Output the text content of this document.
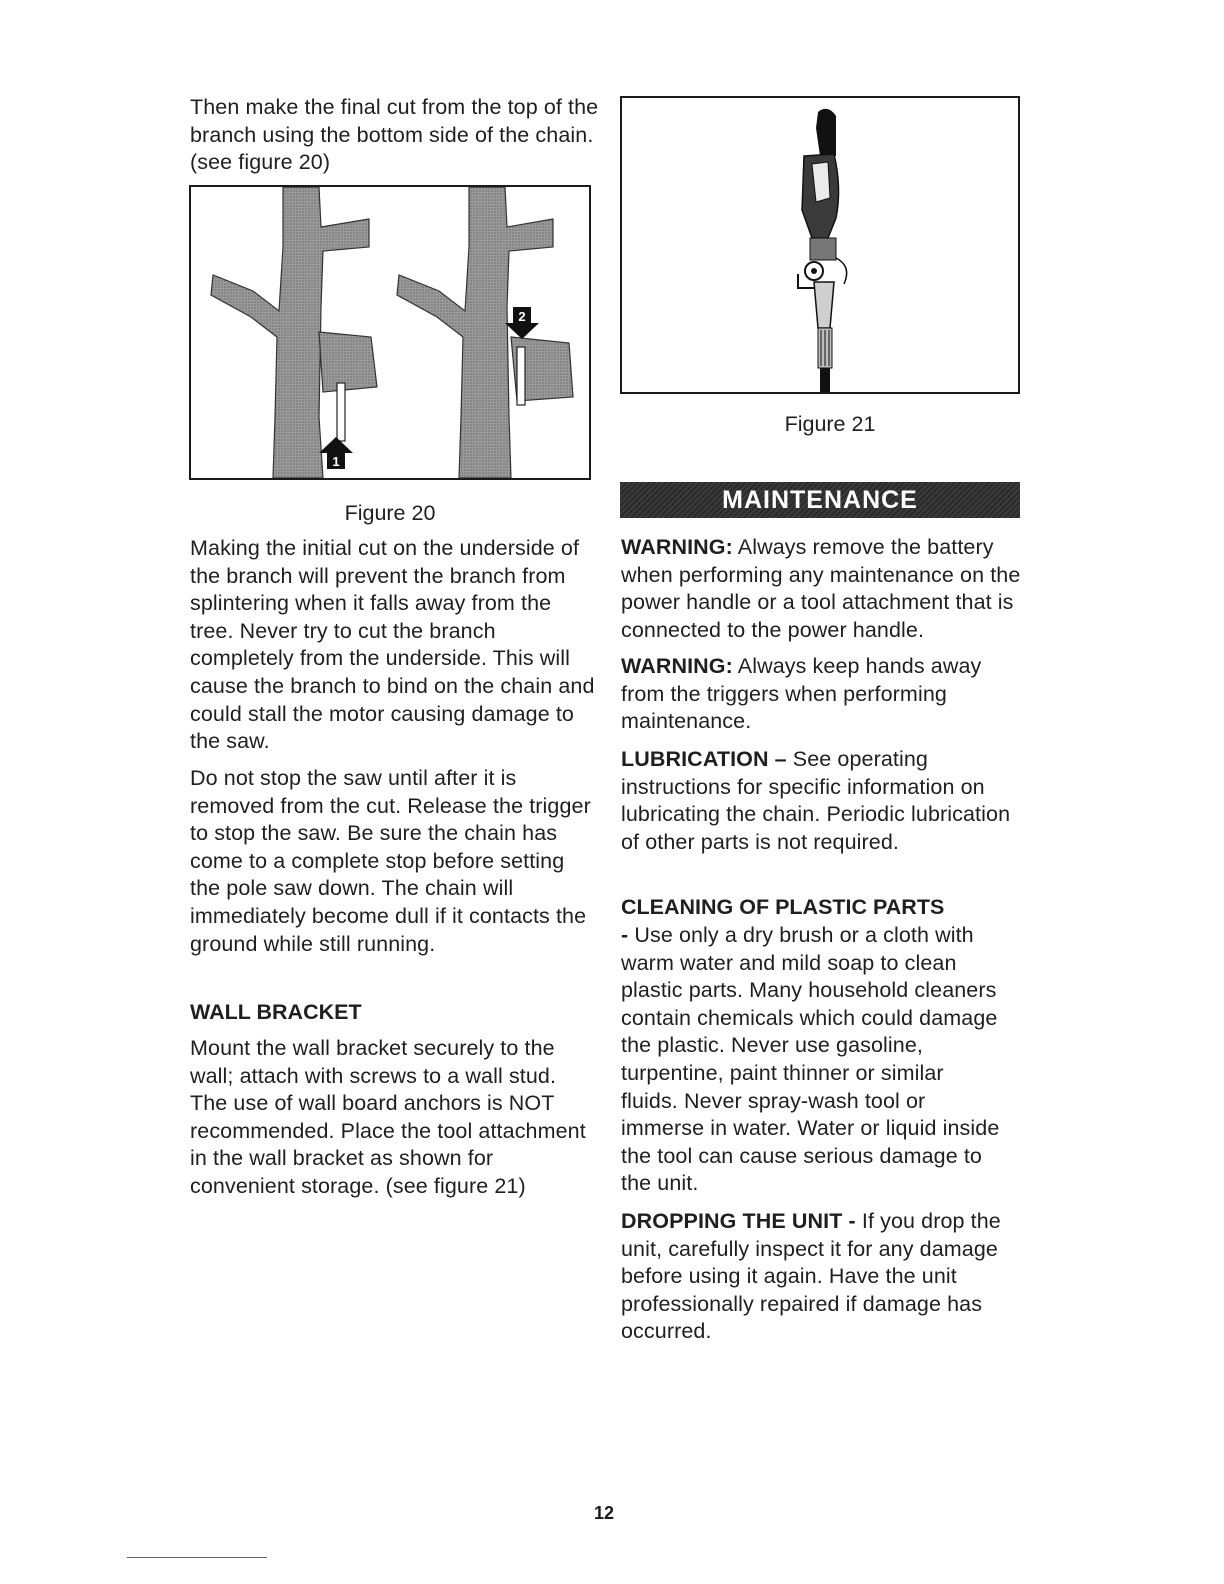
Then make the final cut from the top of the branch using the bottom side of the chain. (see figure 20)

1
2
Figure 20

Making the initial cut on the underside of the branch will prevent the branch from splintering when it falls away from the tree. Never try to cut the branch completely from the underside. This will cause the branch to bind on the chain and could stall the motor causing damage to the saw.

Do not stop the saw until after it is removed from the cut. Release the trigger to stop the saw. Be sure the chain has come to a complete stop before setting the pole saw down. The chain will immediately become dull if it contacts the ground while still running.

WALL BRACKET

Mount the wall bracket securely to the wall; attach with screws to a wall stud. The use of wall board anchors is NOT recommended. Place the tool attachment in the wall bracket as shown for convenient storage. (see figure 21)

Figure 21
MAINTENANCE

WARNING: Always remove the battery when performing any maintenance on the power handle or a tool attachment that is connected to the power handle.

WARNING: Always keep hands away from the triggers when performing maintenance.

LUBRICATION – See operating instructions for specific information on lubricating the chain. Periodic lubrication of other parts is not required.

CLEANING OF PLASTIC PARTS

- Use only a dry brush or a cloth with warm water and mild soap to clean plastic parts. Many household cleaners contain chemicals which could damage the plastic. Never use gasoline, turpentine, paint thinner or similar fluids. Never spray-wash tool or immerse in water. Water or liquid inside the tool can cause serious damage to the unit.

DROPPING THE UNIT - If you drop the unit, carefully inspect it for any damage before using it again. Have the unit professionally repaired if damage has occurred.

12
